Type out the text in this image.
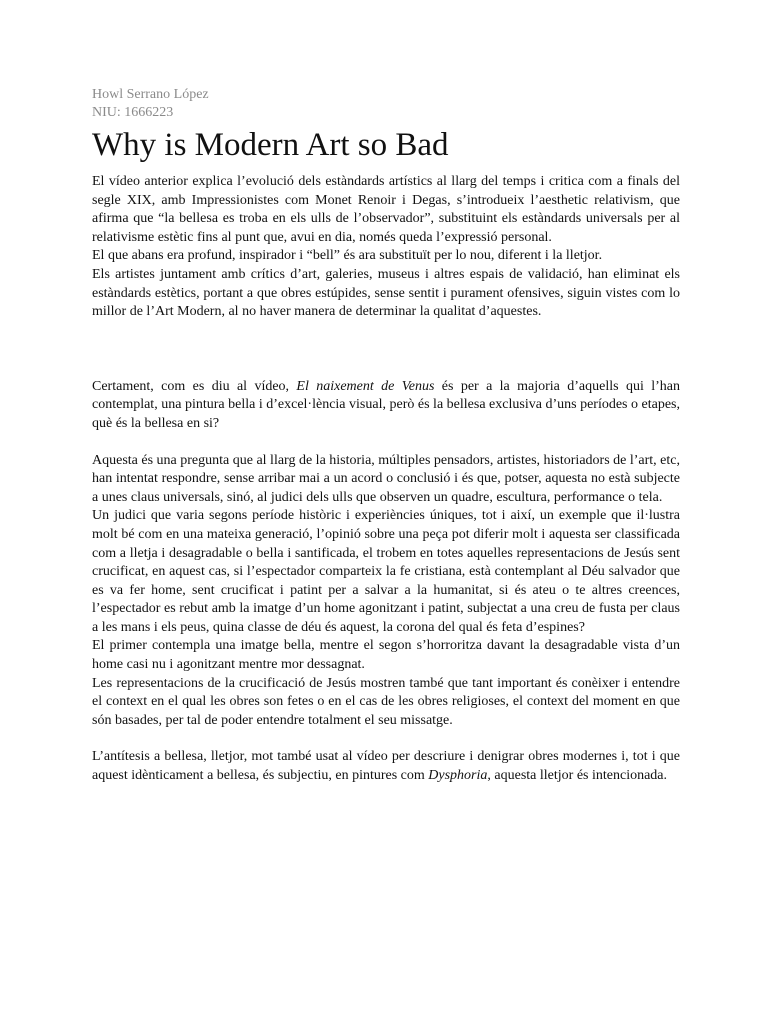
Howl Serrano López
NIU: 1666223
Why is Modern Art so Bad

El vídeo anterior explica l’evolució dels estàndards artístics al llarg del temps i critica com a finals del segle XIX, amb Impressionistes com Monet Renoir i Degas, s’introdueix l’aesthetic relativism, que afirma que “la bellesa es troba en els ulls de l’observador”, substituint els estàndards universals per al relativisme estètic fins al punt que, avui en dia, només queda l’expressió personal.

El que abans era profund, inspirador i “bell” és ara substituït per lo nou, diferent i la lletjor.

Els artistes juntament amb crítics d’art, galeries, museus i altres espais de validació, han eliminat els estàndards estètics, portant a que obres estúpides, sense sentit i purament ofensives, siguin vistes com lo millor de l’Art Modern, al no haver manera de determinar la qualitat d’aquestes.

Certament, com es diu al vídeo, El naixement de Venus és per a la majoria d’aquells qui l’han contemplat, una pintura bella i d’excel·lència visual, però és la bellesa exclusiva d’uns períodes o etapes, què és la bellesa en si?

Aquesta és una pregunta que al llarg de la historia, múltiples pensadors, artistes, historiadors de l’art, etc, han intentat respondre, sense arribar mai a un acord o conclusió i és que, potser, aquesta no està subjecte a unes claus universals, sinó, al judici dels ulls que observen un quadre, escultura, performance o tela.

Un judici que varia segons període històric i experiències úniques, tot i així, un exemple que il·lustra molt bé com en una mateixa generació, l’opinió sobre una peça pot diferir molt i aquesta ser classificada com a lletja i desagradable o bella i santificada, el trobem en totes aquelles representacions de Jesús sent crucificat, en aquest cas, si l’espectador comparteix la fe cristiana, està contemplant al Déu salvador que es va fer home, sent crucificat i patint per a salvar a la humanitat, si és ateu o te altres creences, l’espectador es rebut amb la imatge d’un home agonitzant i patint, subjectat a una creu de fusta per claus a les mans i els peus, quina classe de déu és aquest, la corona del qual és feta d’espines?

El primer contempla una imatge bella, mentre el segon s’horroritza davant la desagradable vista d’un home casi nu i agonitzant mentre mor dessagnat.

Les representacions de la crucificació de Jesús mostren també que tant important és conèixer i entendre el context en el qual les obres son fetes o en el cas de les obres religioses, el context del moment en que són basades, per tal de poder entendre totalment el seu missatge.

L’antítesis a bellesa, lletjor, mot també usat al vídeo per descriure i denigrar obres modernes i, tot i que aquest idènticament a bellesa, és subjectiu, en pintures com Dysphoria, aquesta lletjor és intencionada.
